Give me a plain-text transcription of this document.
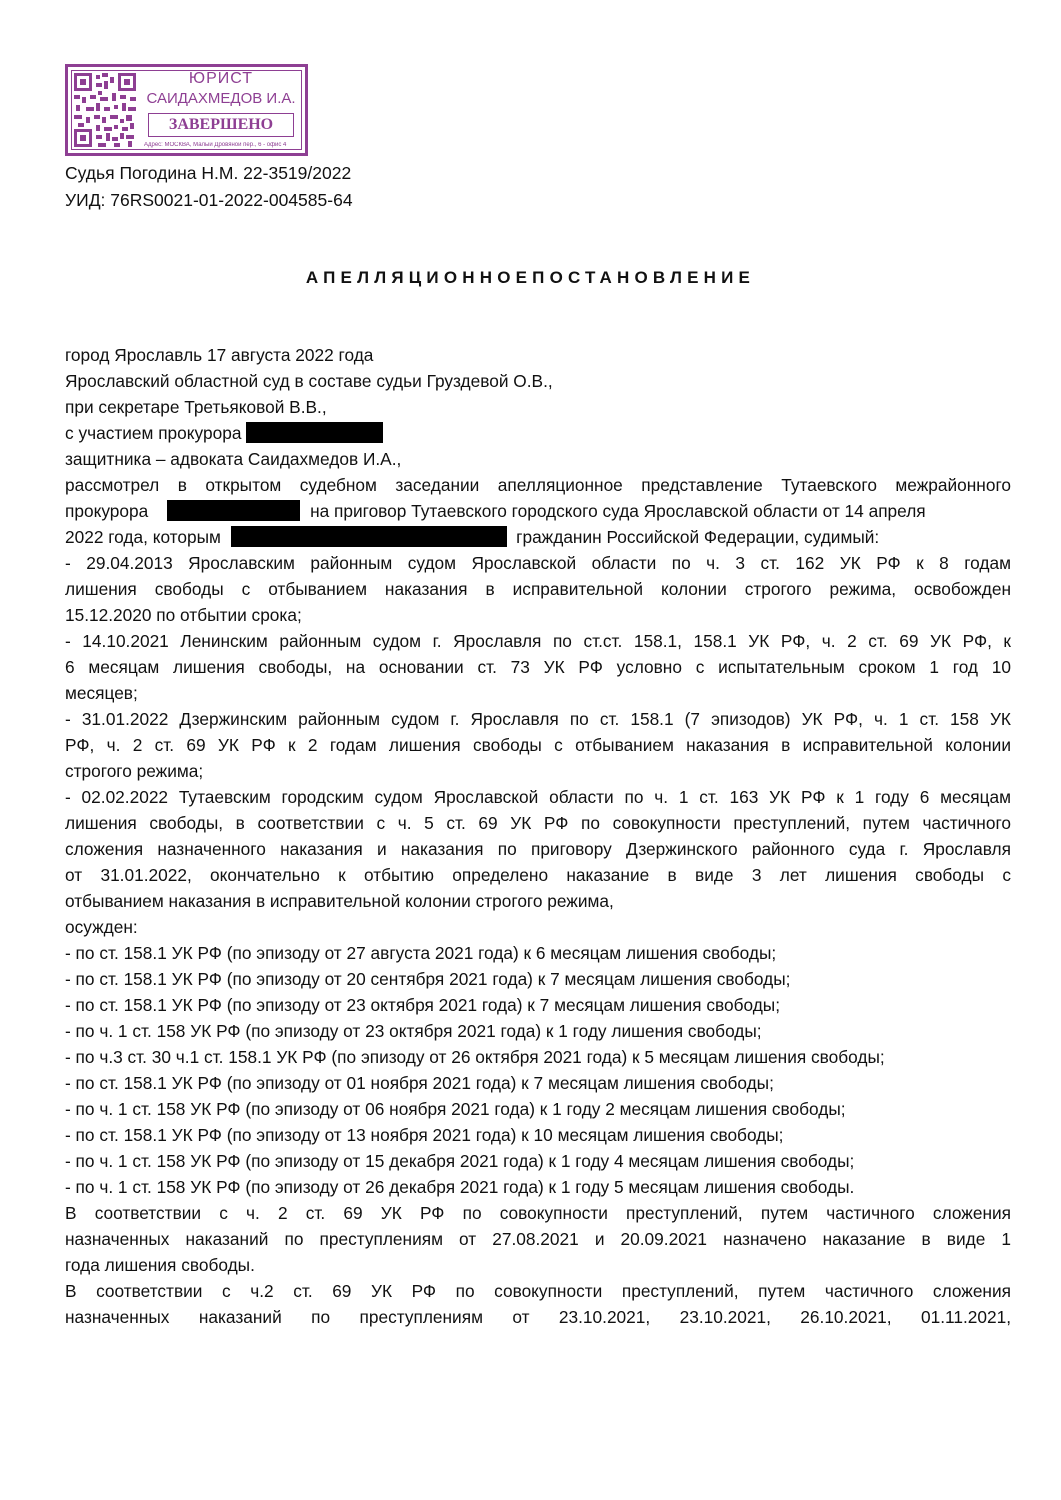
ЮРИСТ
САИДАХМЕДОВ И.А.
ЗАВЕРШЕНО
Адрес: МОСКВА, Малый Дровяной пер., 6 - офис 4
Судья Погодина Н.М. 22-3519/2022
УИД: 76RS0021-01-2022-004585-64
АПЕЛЛЯЦИОННОЕПОСТАНОВЛЕНИЕ

город Ярославль 17 августа 2022 года

Ярославский областной суд в составе судьи Груздевой О.В.,

при секретаре Третьяковой В.В.,

с участием прокурора

защитника – адвоката Саидахмедов И.А.,

рассмотрел в открытом судебном заседании апелляционное представление Тутаевского межрайонного

прокурора	на приговор Тутаевского городского суда Ярославской области от 14 апреля

2022 года, которым	гражданин Российской Федерации, судимый:

- 29.04.2013 Ярославским районным судом Ярославской области по ч. 3 ст. 162 УК РФ к 8 годам

лишения свободы с отбыванием наказания в исправительной колонии строгого режима, освобожден

15.12.2020 по отбытии срока;

- 14.10.2021 Ленинским районным судом г. Ярославля по ст.ст. 158.1, 158.1 УК РФ, ч. 2 ст. 69 УК РФ, к

6 месяцам лишения свободы, на основании ст. 73 УК РФ условно с испытательным сроком 1 год 10

месяцев;

- 31.01.2022 Дзержинским районным судом г. Ярославля по ст. 158.1 (7 эпизодов) УК РФ, ч. 1 ст. 158 УК

РФ, ч. 2 ст. 69 УК РФ к 2 годам лишения свободы с отбыванием наказания в исправительной колонии

строгого режима;

- 02.02.2022 Тутаевским городским судом Ярославской области по ч. 1 ст. 163 УК РФ к 1 году 6 месяцам

лишения свободы, в соответствии с ч. 5 ст. 69 УК РФ по совокупности преступлений, путем частичного

сложения назначенного наказания и наказания по приговору Дзержинского районного суда г. Ярославля

от 31.01.2022, окончательно к отбытию определено наказание в виде 3 лет лишения свободы с

отбыванием наказания в исправительной колонии строгого режима,

осужден:

- по ст. 158.1 УК РФ (по эпизоду от 27 августа 2021 года) к 6 месяцам лишения свободы;

- по ст. 158.1 УК РФ (по эпизоду от 20 сентября 2021 года) к 7 месяцам лишения свободы;

- по ст. 158.1 УК РФ (по эпизоду от 23 октября 2021 года) к 7 месяцам лишения свободы;

- по ч. 1 ст. 158 УК РФ (по эпизоду от 23 октября 2021 года) к 1 году лишения свободы;

- по ч.3 ст. 30 ч.1 ст. 158.1 УК РФ (по эпизоду от 26 октября 2021 года) к 5 месяцам лишения свободы;

- по ст. 158.1 УК РФ (по эпизоду от 01 ноября 2021 года) к 7 месяцам лишения свободы;

- по ч. 1 ст. 158 УК РФ (по эпизоду от 06 ноября 2021 года) к 1 году 2 месяцам лишения свободы;

- по ст. 158.1 УК РФ (по эпизоду от 13 ноября 2021 года) к 10 месяцам лишения свободы;

- по ч. 1 ст. 158 УК РФ (по эпизоду от 15 декабря 2021 года) к 1 году 4 месяцам лишения свободы;

- по ч. 1 ст. 158 УК РФ (по эпизоду от 26 декабря 2021 года) к 1 году 5 месяцам лишения свободы.

В соответствии с ч. 2 ст. 69 УК РФ по совокупности преступлений, путем частичного сложения

назначенных наказаний по преступлениям от 27.08.2021 и 20.09.2021 назначено наказание в виде 1

года лишения свободы.

В соответствии с ч.2 ст. 69 УК РФ по совокупности преступлений, путем частичного сложения

назначенных наказаний по преступлениям от 23.10.2021, 23.10.2021, 26.10.2021, 01.11.2021,
